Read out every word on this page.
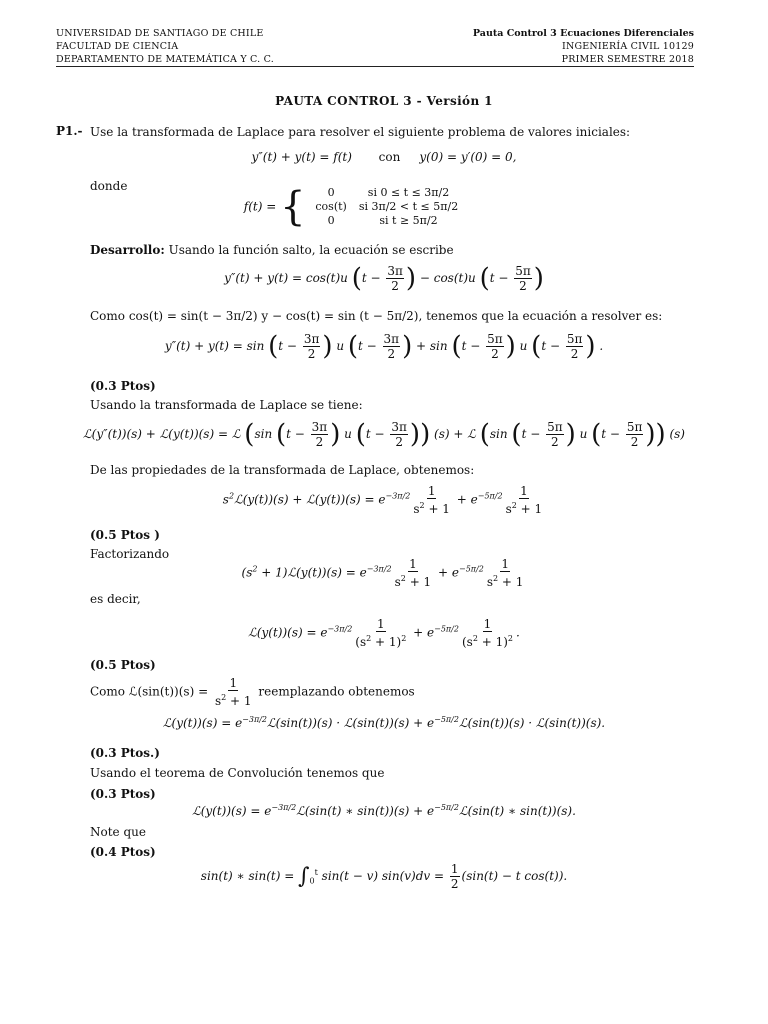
UNIVERSIDAD DE SANTIAGO DE CHILE	Pauta Control 3 Ecuaciones Diferenciales
FACULTAD DE CIENCIA	INGENIERÍA CIVIL 10129
DEPARTAMENTO DE MATEMÁTICA Y C. C.	PRIMER SEMESTRE 2018
PAUTA CONTROL 3 - Versión 1
P1.- Use la transformada de Laplace para resolver el siguiente problema de valores iniciales:
y″(t) + y(t) = f(t)       con     y(0) = y′(0) = 0,
donde
f(t) = { 0	si 0 ≤ t ≤ 3π/2
cos(t)	si 3π/2 < t ≤ 5π/2
0	si t ≥ 5π/2
Desarrollo: Usando la función salto, la ecuación se escribe
y″(t) + y(t) = cos(t)u ($t - \frac{3\pi}{2}$ ) − cos(t)u ($t - \frac{5\pi}{2}$ )
Como cos(t) = sin(t − 3π/2) y − cos(t) = sin (t − 5π/2), tenemos que la ecuación a resolver es:
$y''(t) + y(t) = \sin (t - \frac{3\pi}{2}$ ) u ($t - \frac{3\pi}{2}$ ) + $\sin (t - \frac{5\pi}{2}$ ) u ($t - \frac{5\pi}{2}$ ) .
(0.3 Ptos)
Usando la transformada de Laplace se tiene:
ℒ(y″(t))(s) + ℒ(y(t))(s) = ℒ (sin ($t - \frac{3\pi}{2}$ ) u ($t - \frac{3\pi}{2}$ )) (s) + ℒ (sin ($t - \frac{5\pi}{2}$ ) u ($t - \frac{5\pi}{2}$ )) (s)
De las propiedades de la transformada de Laplace, obtenemos:
$s^2ℒ(y(t))(s)$ + ℒ(y(t))(s) = $e^{-3\pi/2} \frac{1}{s^2 + 1} + e^{-5\pi/2} \frac{1}{s^2 + 1}$
(0.5 Ptos )
Factorizando
($s^2$ + 1)ℒ(y(t))(s) = $e^{-3\pi/2} \frac{1}{s^2 + 1} + e^{-5\pi/2} \frac{1}{s^2 + 1}$
es decir,
ℒ(y(t))(s) = $e^{-3\pi/2} \frac{1}{(s^2 + 1)^2} + e^{-5\pi/2} \frac{1}{(s^2 + 1)^2}$ .
(0.5 Ptos)
Como ℒ(sin(t))(s) = $\frac{1}{s^2 + 1}$ reemplazando obtenemos
ℒ(y(t))(s) = $e^{-3\pi/2}ℒ(\sin(t))(s)$ · ℒ(sin(t))(s) + $e^{-5\pi/2}ℒ(\sin(t))(s)$ · ℒ(sin(t))(s).
(0.3 Ptos.)
Usando el teorema de Convolución tenemos que
(0.3 Ptos)
ℒ(y(t))(s) = $e^{-3\pi/2}ℒ(\sin(t)$ ∗ $\sin(t))(s) + e^{-5\pi/2}ℒ(\sin(t)$ ∗ sin(t))(s).
Note que
(0.4 Ptos)
sin(t) ∗ $\sin(t) = \int_0^t$ sin(t − v) $\sin(v)dv = \frac{1}{2} (\sin(t) - t$ cos(t)).
